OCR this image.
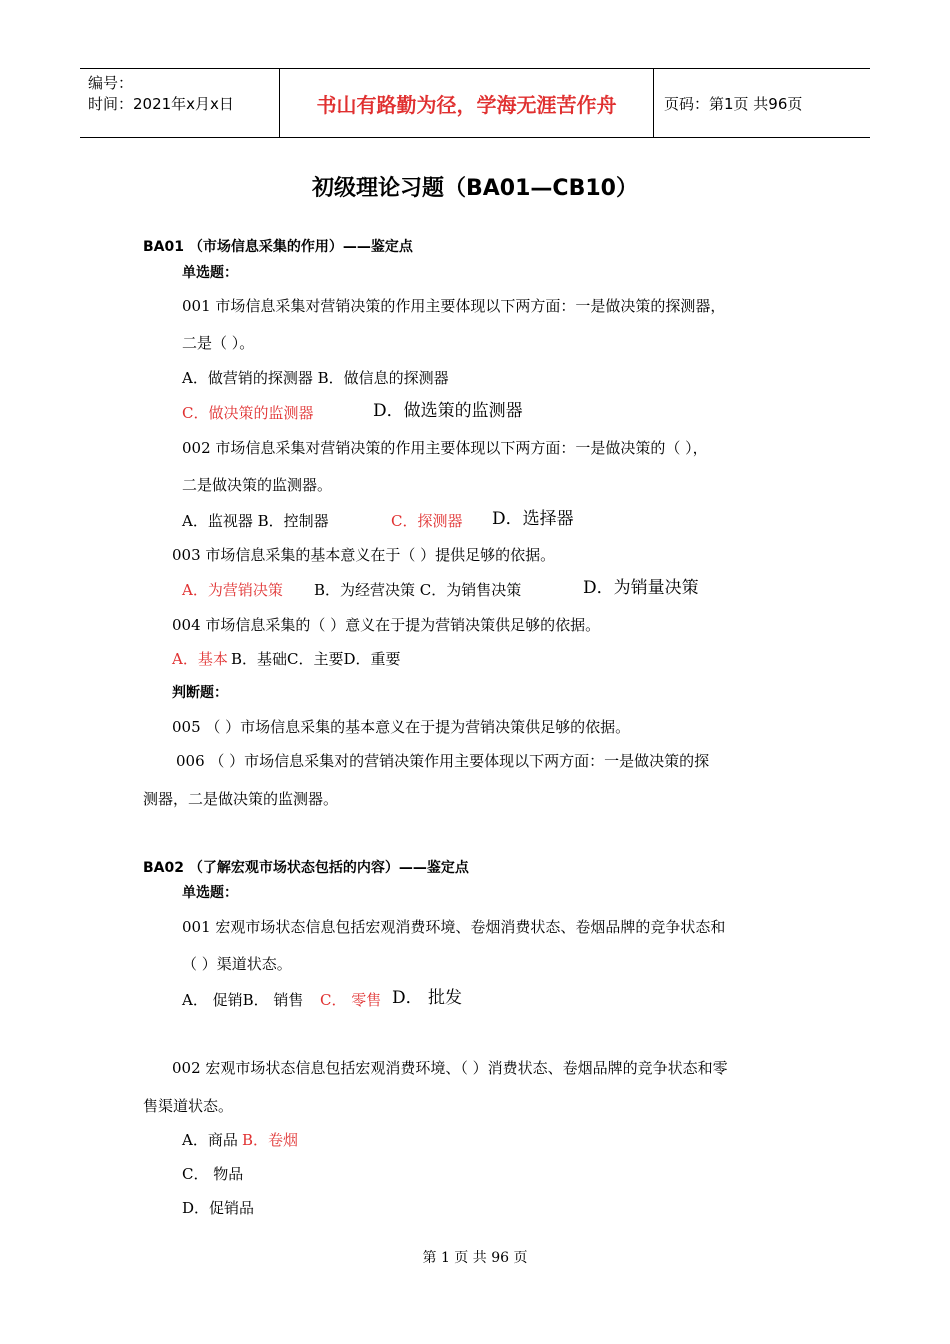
编号：
时间：2021年x月x日	书山有路勤为径，学海无涯苦作舟	页码：第1页 共96页
初级理论习题（BA01—CB10）
BA01 （市场信息采集的作用）——鉴定点
单选题：
001 市场信息采集对营销决策的作用主要体现以下两方面：一是做决策的探测器，
二是（ ）。
A．做营销的探测器 B．做信息的探测器
C．做决策的监测器	D．做选策的监测器
002 市场信息采集对营销决策的作用主要体现以下两方面：一是做决策的（ ），
二是做决策的监测器。
A．监视器 B．控制器	C．探测器 D．选择器
003 市场信息采集的基本意义在于（ ）提供足够的依据。
A．为营销决策 B．为经营决策 C．为销售决策	D．为销量决策
004 市场信息采集的（ ）意义在于提为营销决策供足够的依据。
A．基本 B．基础C．主要D．重要
判断题：
005 （ ）市场信息采集的基本意义在于提为营销决策供足够的依据。
006 （ ）市场信息采集对的营销决策作用主要体现以下两方面：一是做决策的探
测器，二是做决策的监测器。
BA02 （了解宏观市场状态包括的内容）——鉴定点
单选题：
001 宏观市场状态信息包括宏观消费环境、卷烟消费状态、卷烟品牌的竞争状态和
（ ）渠道状态。
A． 促销B． 销售 C． 零售 D． 批发
002 宏观市场状态信息包括宏观消费环境、（ ）消费状态、卷烟品牌的竞争状态和零
售渠道状态。
A．商品 B．卷烟
C． 物品
D．促销品
第 1 页 共 96 页
